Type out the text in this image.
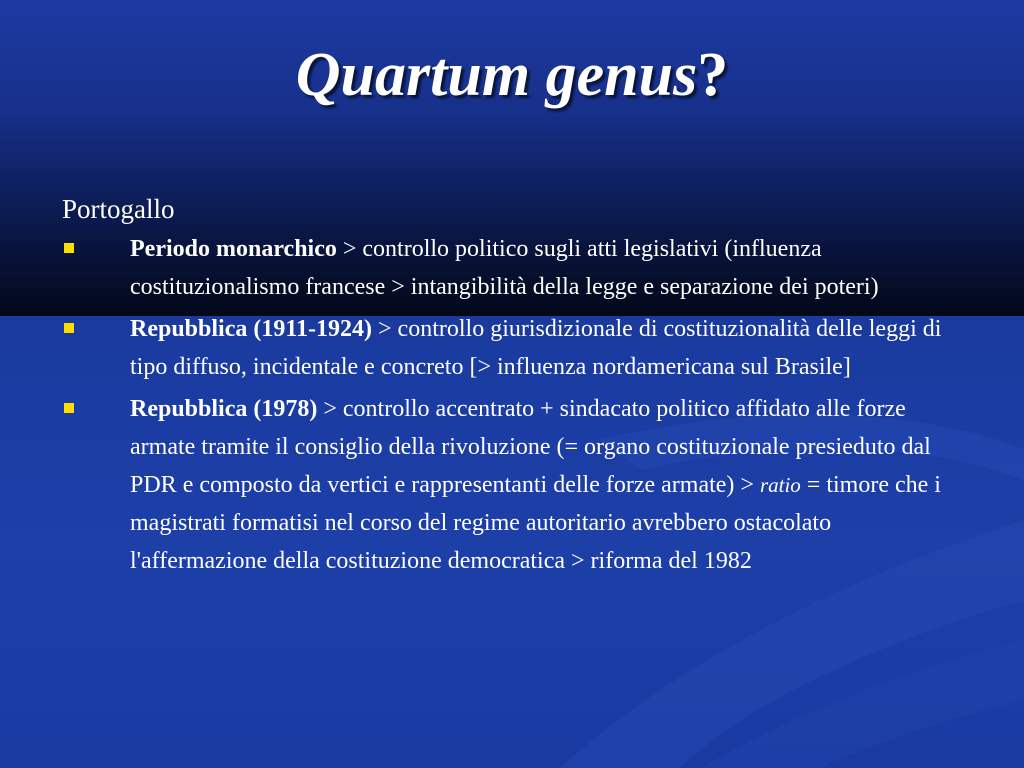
Quartum genus?
Portogallo
Periodo monarchico > controllo politico sugli atti legislativi (influenza costituzionalismo francese > intangibilità della legge e separazione dei poteri)
Repubblica (1911-1924) > controllo giurisdizionale di costituzionalità delle leggi di tipo diffuso, incidentale e concreto [> influenza nordamericana sul Brasile]
Repubblica (1978) > controllo accentrato + sindacato politico affidato alle forze armate tramite il consiglio della rivoluzione (= organo costituzionale presieduto dal PDR e composto da vertici e rappresentanti delle forze armate) > ratio = timore che i magistrati formatisi nel corso del regime autoritario avrebbero ostacolato l'affermazione della costituzione democratica > riforma del 1982
